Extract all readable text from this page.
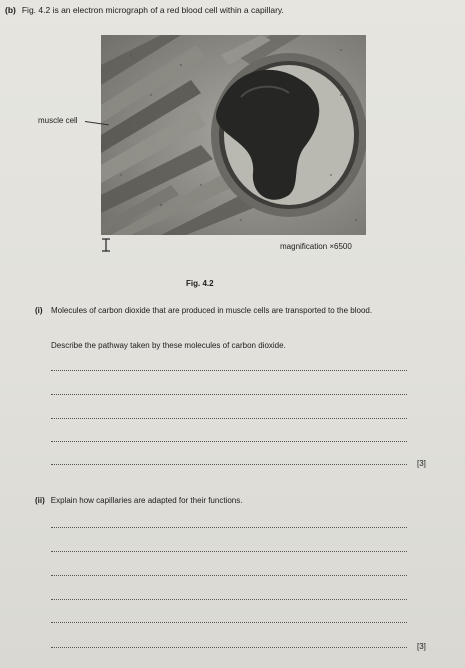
(b) Fig. 4.2 is an electron micrograph of a red blood cell within a capillary.
muscle cell
magnification ×6500
Fig. 4.2
(i) Molecules of carbon dioxide that are produced in muscle cells are transported to the blood.
Describe the pathway taken by these molecules of carbon dioxide.
[3]
(ii) Explain how capillaries are adapted for their functions.
[3]
